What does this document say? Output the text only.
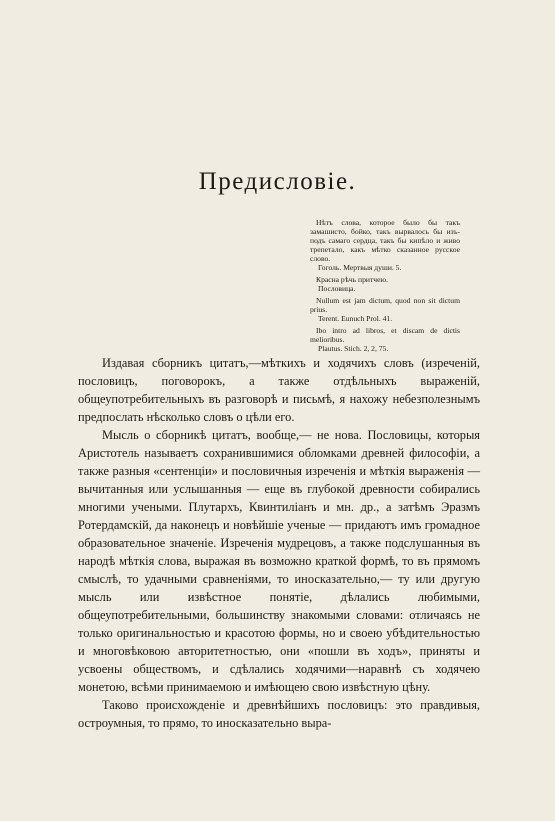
Предисловіе.

Нѣтъ слова, которое было бы такъ замашисто, бойко, такъ вырвалось бы изъ-подъ самаго сердца, такъ бы кипѣло и живо трепетало, какъ мѣтко сказанное русское слово.

Гоголь. Мертвыя души. 5.

Красна рѣчь притчею.

Пословица.

Nullum est jam dictum, quod non sit dictum prius.

Terent. Eunuch Prol. 41.

Ibo intro ad libros, et discam de dictis melioribus.

Plautus. Stich. 2, 2, 75.

Издавая сборникъ цитатъ,—мѣткихъ и ходячихъ словъ (изреченій, пословицъ, поговорокъ, а также отдѣльныхъ выраженій, общеупотребительныхъ въ разговорѣ и письмѣ, я нахожу небезполезнымъ предпослать нѣсколько словъ о цѣли его.

Мысль о сборникѣ цитатъ, вообще,— не нова. Пословицы, которыя Аристотель называетъ сохранившимися обломками древней философіи, а также разныя «сентенціи» и пословичныя изреченія и мѣткія выраженія — вычитанныя или услышанныя — еще въ глубокой древности собирались многими учеными. Плутархъ, Квинтиліанъ и мн. др., а затѣмъ Эразмъ Ротердамскій, да наконецъ и новѣйшіе ученые — придаютъ имъ громадное образовательное значеніе. Изреченія мудрецовъ, а также подслушанныя въ народѣ мѣткія слова, выражая въ возможно краткой формѣ, то въ прямомъ смыслѣ, то удачными сравненіями, то иносказательно,— ту или другую мысль или извѣстное понятіе, дѣлались любимыми, общеупотребительными, большинству знакомыми словами: отличаясь не только оригинальностью и красотою формы, но и своею убѣдительностью и многовѣковою авторитетностью, они «пошли въ ходъ», приняты и усвоены обществомъ, и сдѣлались ходячими—наравнѣ съ ходячею монетою, всѣми принимаемою и имѣющею свою извѣстную цѣну.

Таково происхожденіе и древнѣйшихъ пословицъ: это правдивыя, остроумныя, то прямо, то иносказательно выра-
